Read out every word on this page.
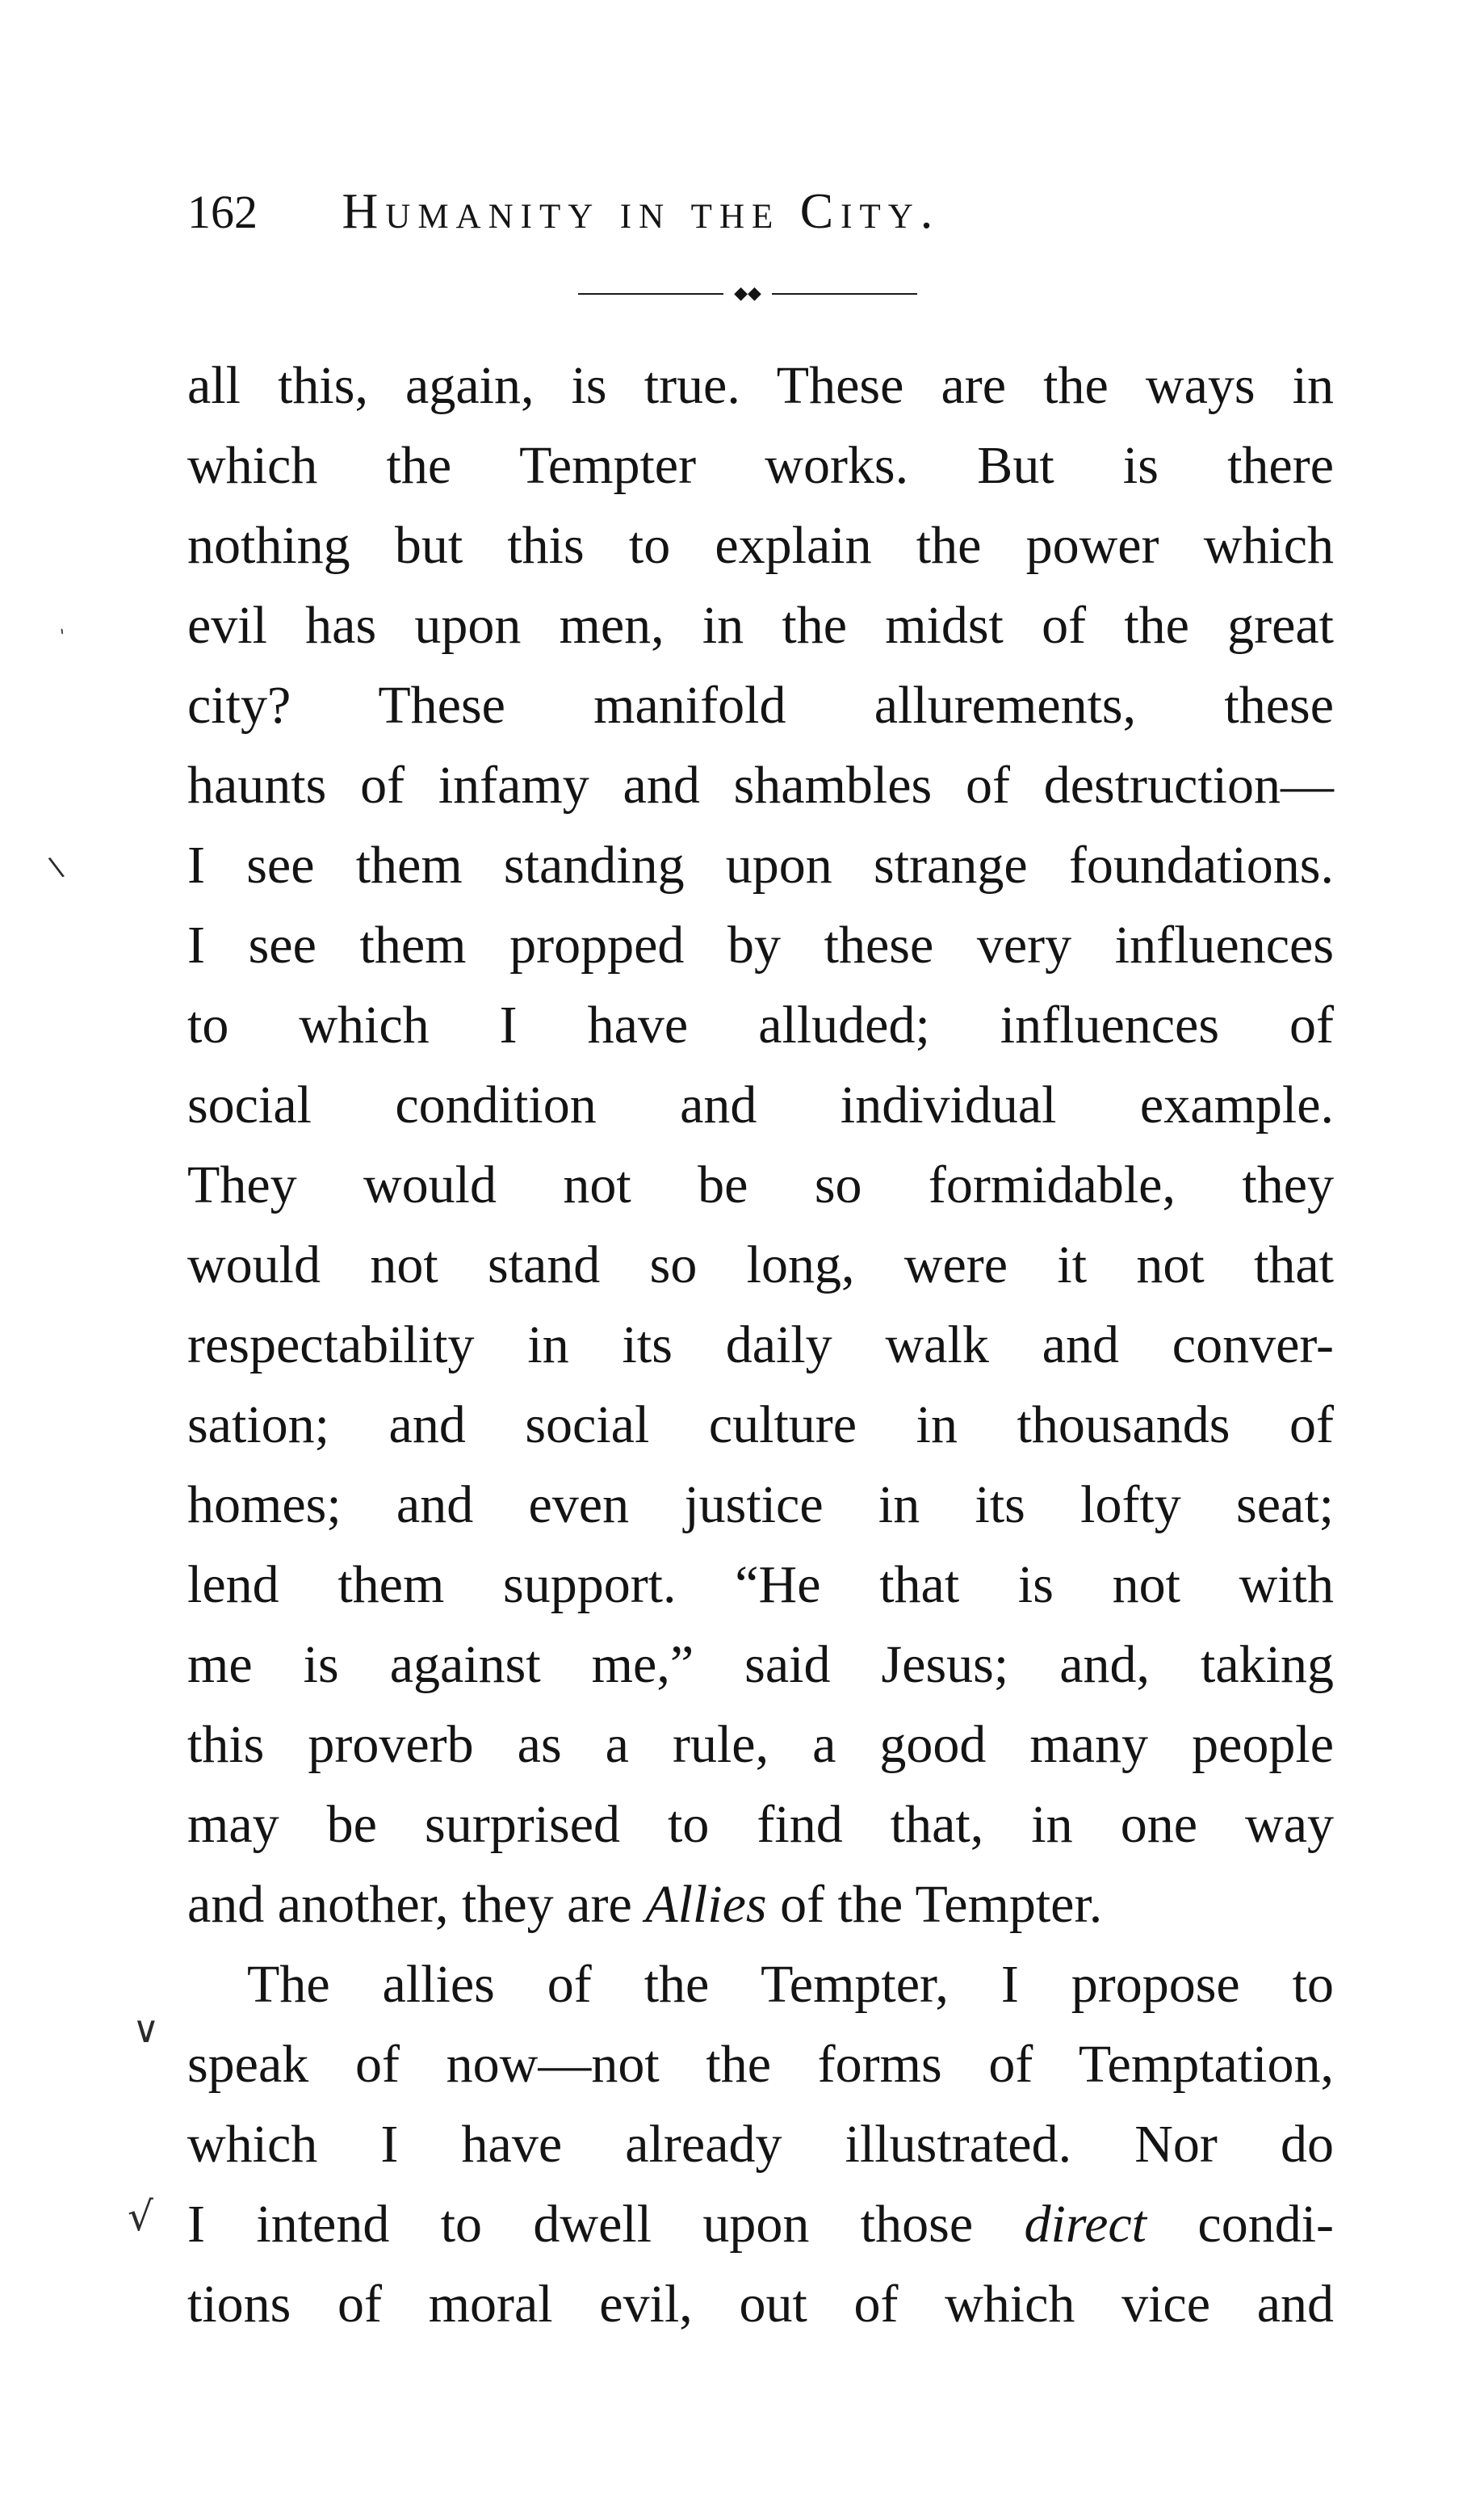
162 Humanity in the City.
◆◆
all this, again, is true. These are the ways in
which the Tempter works. But is there
nothing but this to explain the power which
evil has upon men, in the midst of the great
city? These manifold allurements, these
haunts of infamy and shambles of destruction—
I see them standing upon strange foundations.
I see them propped by these very influences
to which I have alluded; influences of
social condition and individual example.
They would not be so formidable, they
would not stand so long, were it not that
respectability in its daily walk and conver-
sation; and social culture in thousands of
homes; and even justice in its lofty seat;
lend them support. “He that is not with
me is against me,” said Jesus; and, taking
this proverb as a rule, a good many people
may be surprised to find that, in one way
and another, they are Allies of the Tempter.
The allies of the Tempter, I propose to
speak of now—not the forms of Temptation,
which I have already illustrated. Nor do
I intend to dwell upon those direct condi-
tions of moral evil, out of which vice and
ˎ
\
∨
√
